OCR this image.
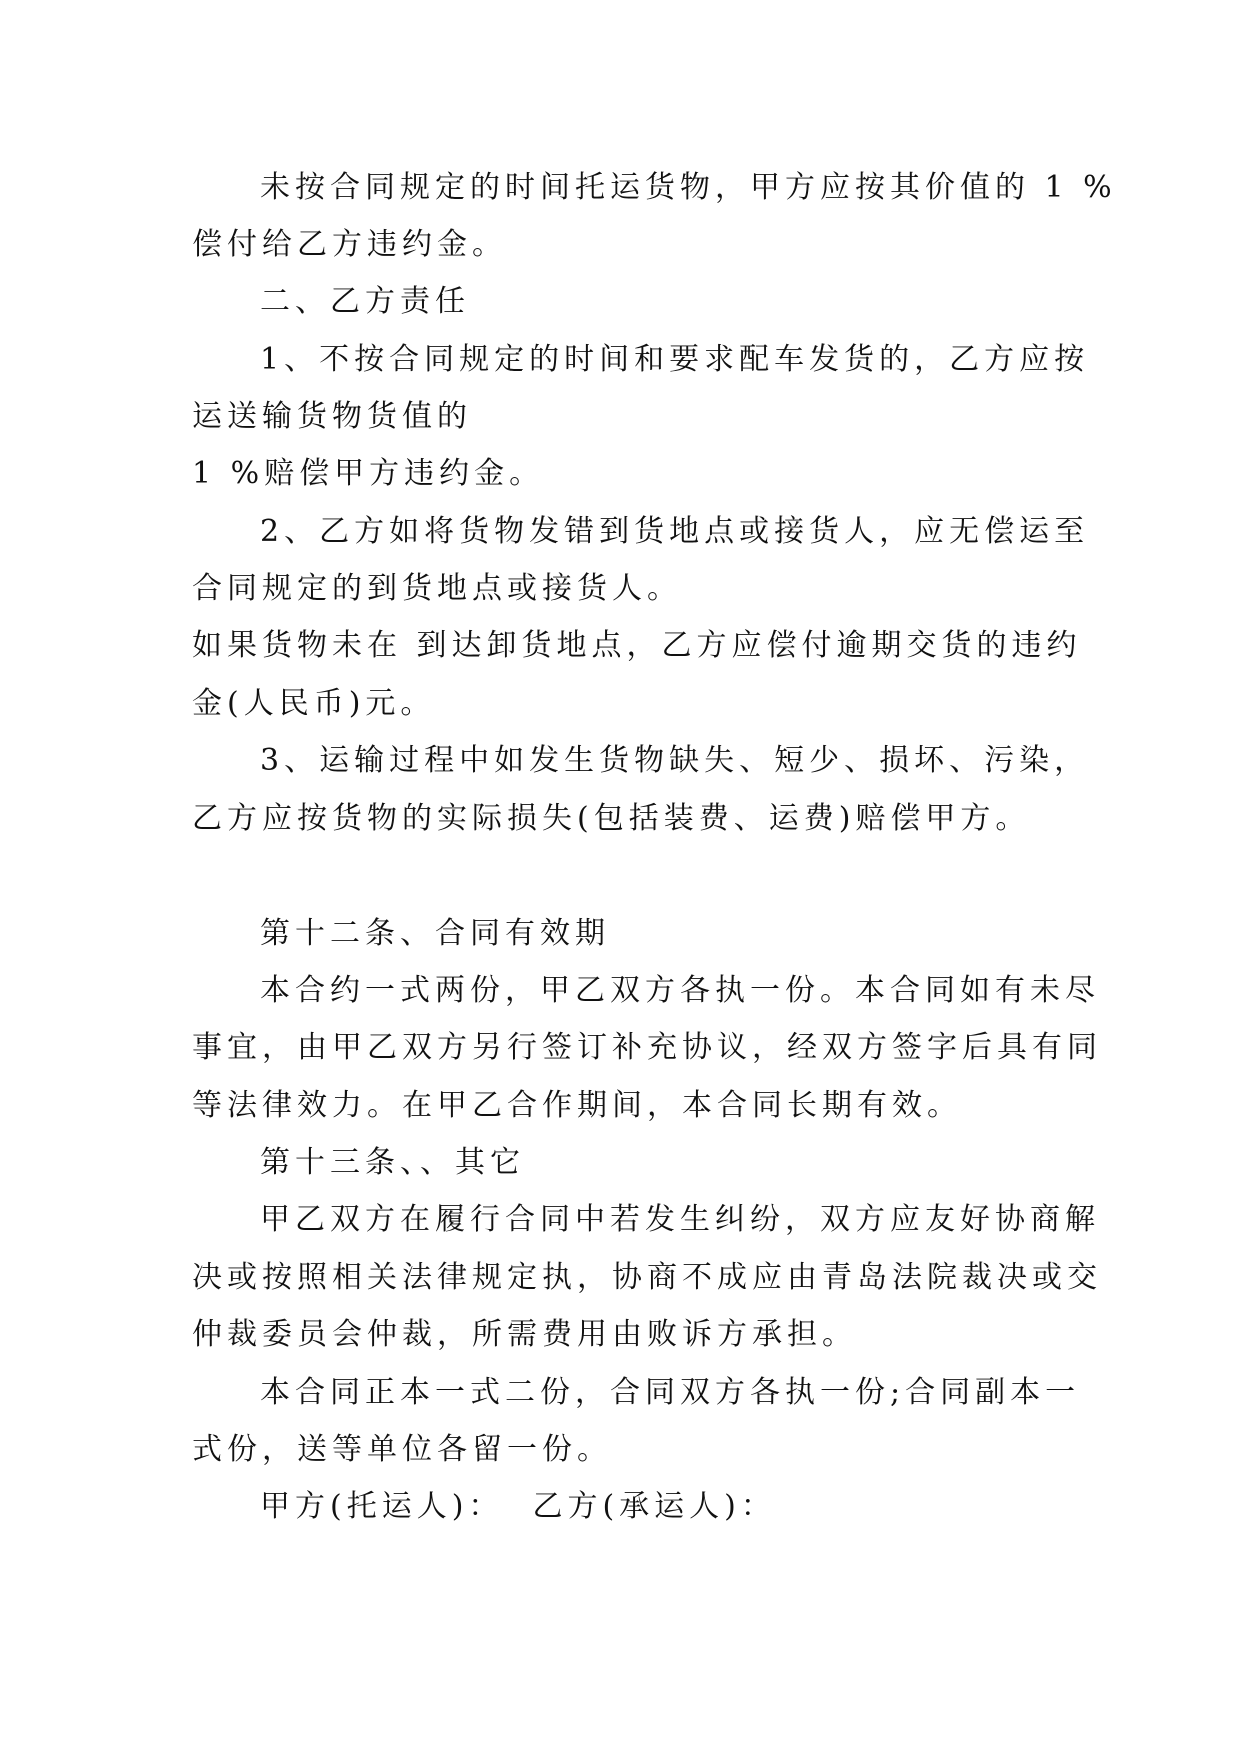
未按合同规定的时间托运货物，甲方应按其价值的 1 %
偿付给乙方违约金。
二、乙方责任
1、不按合同规定的时间和要求配车发货的，乙方应按
运送输货物货值的
1 %赔偿甲方违约金。
2、乙方如将货物发错到货地点或接货人，应无偿运至
合同规定的到货地点或接货人。
如果货物未在 到达卸货地点，乙方应偿付逾期交货的违约
金(人民币)元。
3、运输过程中如发生货物缺失、短少、损坏、污染，
乙方应按货物的实际损失(包括装费、运费)赔偿甲方。
第十二条、合同有效期
本合约一式两份，甲乙双方各执一份。本合同如有未尽
事宜，由甲乙双方另行签订补充协议，经双方签字后具有同
等法律效力。在甲乙合作期间，本合同长期有效。
第十三条、、其它
甲乙双方在履行合同中若发生纠纷，双方应友好协商解
决或按照相关法律规定执，协商不成应由青岛法院裁决或交
仲裁委员会仲裁，所需费用由败诉方承担。
本合同正本一式二份，合同双方各执一份;合同副本一
式份，送等单位各留一份。
甲方(托运人)：  乙方(承运人)：
